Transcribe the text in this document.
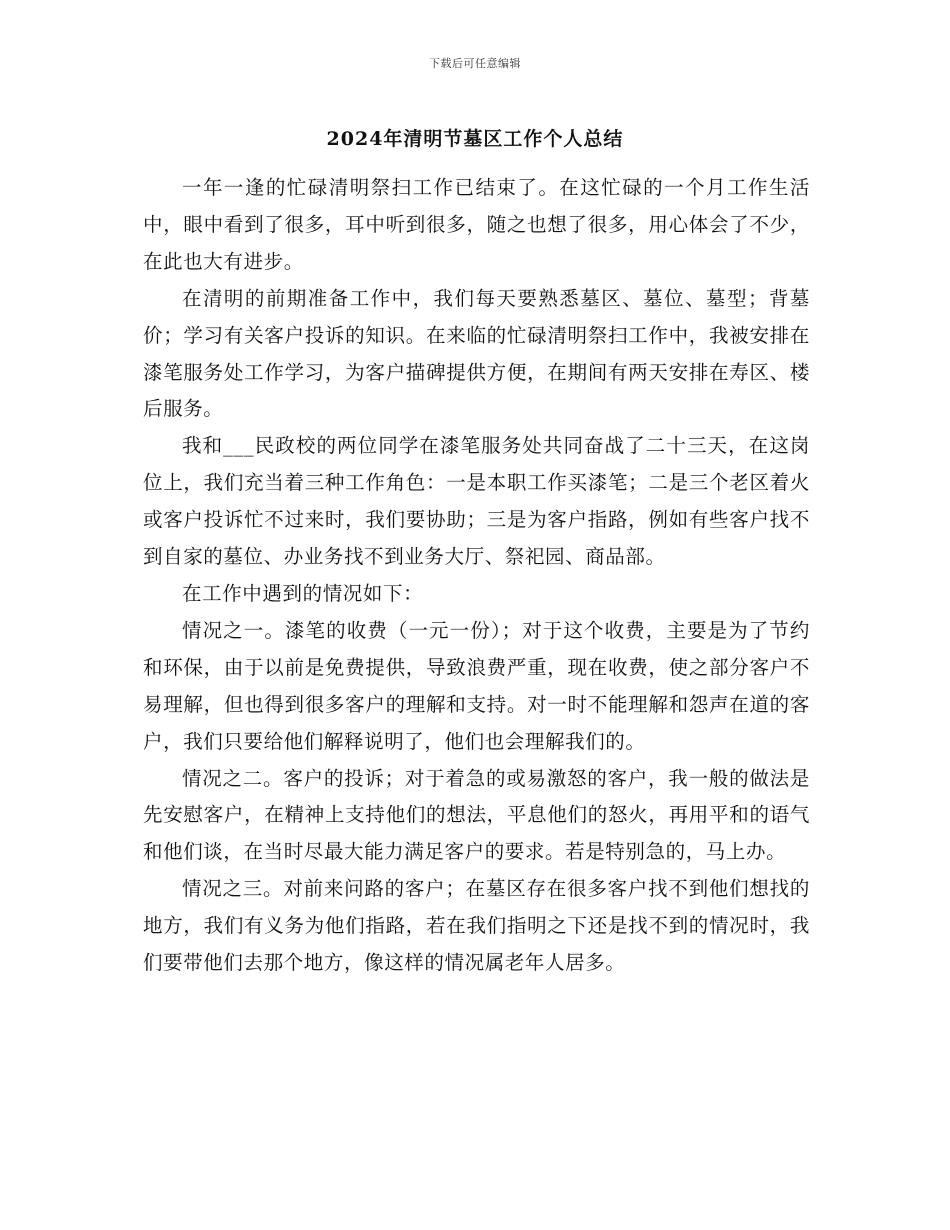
下载后可任意编辑
2024年清明节墓区工作个人总结

一年一逢的忙碌清明祭扫工作已结束了。在这忙碌的一个月工作生活中，眼中看到了很多，耳中听到很多，随之也想了很多，用心体会了不少，在此也大有进步。

在清明的前期准备工作中，我们每天要熟悉墓区、墓位、墓型；背墓价；学习有关客户投诉的知识。在来临的忙碌清明祭扫工作中，我被安排在漆笔服务处工作学习，为客户描碑提供方便，在期间有两天安排在寿区、楼后服务。

我和___民政校的两位同学在漆笔服务处共同奋战了二十三天，在这岗位上，我们充当着三种工作角色：一是本职工作买漆笔；二是三个老区着火或客户投诉忙不过来时，我们要协助；三是为客户指路，例如有些客户找不到自家的墓位、办业务找不到业务大厅、祭祀园、商品部。

在工作中遇到的情况如下：

情况之一。漆笔的收费（一元一份）；对于这个收费，主要是为了节约和环保，由于以前是免费提供，导致浪费严重，现在收费，使之部分客户不易理解，但也得到很多客户的理解和支持。对一时不能理解和怨声在道的客户，我们只要给他们解释说明了，他们也会理解我们的。

情况之二。客户的投诉；对于着急的或易激怒的客户，我一般的做法是先安慰客户，在精神上支持他们的想法，平息他们的怒火，再用平和的语气和他们谈，在当时尽最大能力满足客户的要求。若是特别急的，马上办。

情况之三。对前来问路的客户；在墓区存在很多客户找不到他们想找的地方，我们有义务为他们指路，若在我们指明之下还是找不到的情况时，我们要带他们去那个地方，像这样的情况属老年人居多。
